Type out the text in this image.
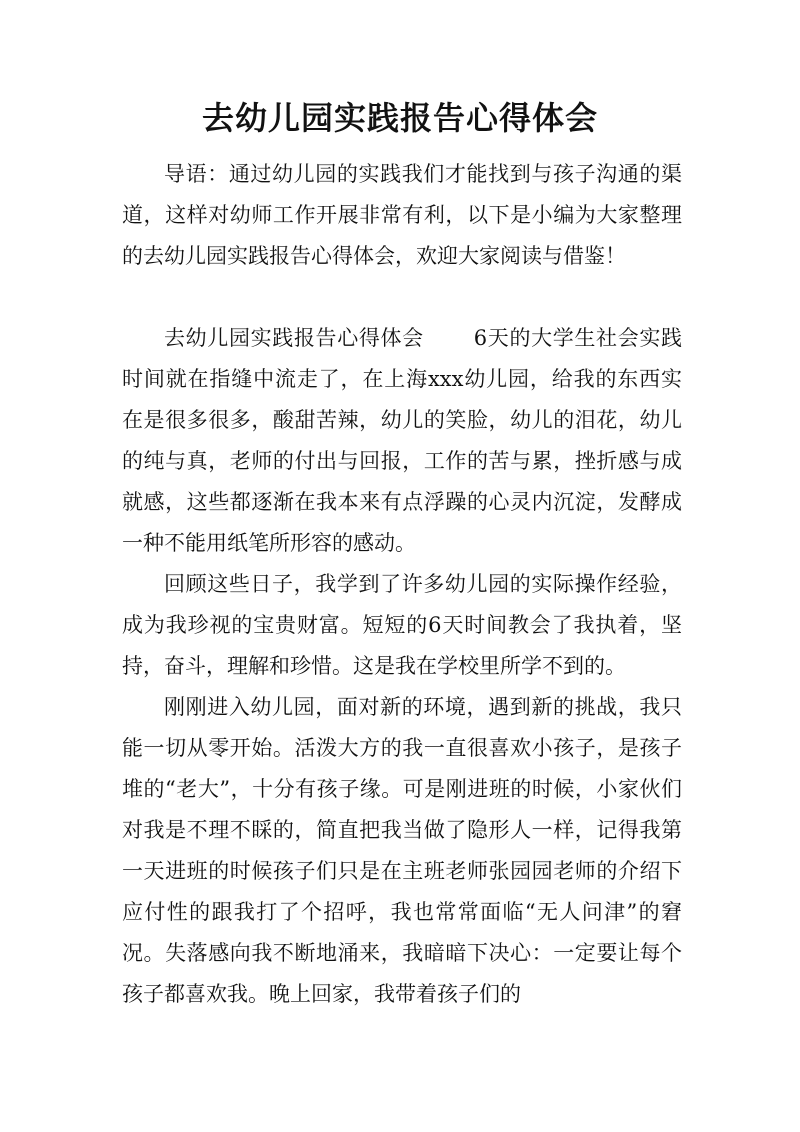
去幼儿园实践报告心得体会

导语：通过幼儿园的实践我们才能找到与孩子沟通的渠道，这样对幼师工作开展非常有利，以下是小编为大家整理的去幼儿园实践报告心得体会，欢迎大家阅读与借鉴！

去幼儿园实践报告心得体会 6天的大学生社会实践时间就在指缝中流走了，在上海xxx幼儿园，给我的东西实在是很多很多，酸甜苦辣，幼儿的笑脸，幼儿的泪花，幼儿的纯与真，老师的付出与回报，工作的苦与累，挫折感与成就感，这些都逐渐在我本来有点浮躁的心灵内沉淀，发酵成一种不能用纸笔所形容的感动。

回顾这些日子，我学到了许多幼儿园的实际操作经验，成为我珍视的宝贵财富。短短的6天时间教会了我执着，坚持，奋斗，理解和珍惜。这是我在学校里所学不到的。

刚刚进入幼儿园，面对新的环境，遇到新的挑战，我只能一切从零开始。活泼大方的我一直很喜欢小孩子，是孩子堆的“老大”，十分有孩子缘。可是刚进班的时候，小家伙们对我是不理不睬的，简直把我当做了隐形人一样，记得我第一天进班的时候孩子们只是在主班老师张园园老师的介绍下应付性的跟我打了个招呼，我也常常面临“无人问津”的窘况。失落感向我不断地涌来，我暗暗下决心：一定要让每个孩子都喜欢我。晚上回家，我带着孩子们的
